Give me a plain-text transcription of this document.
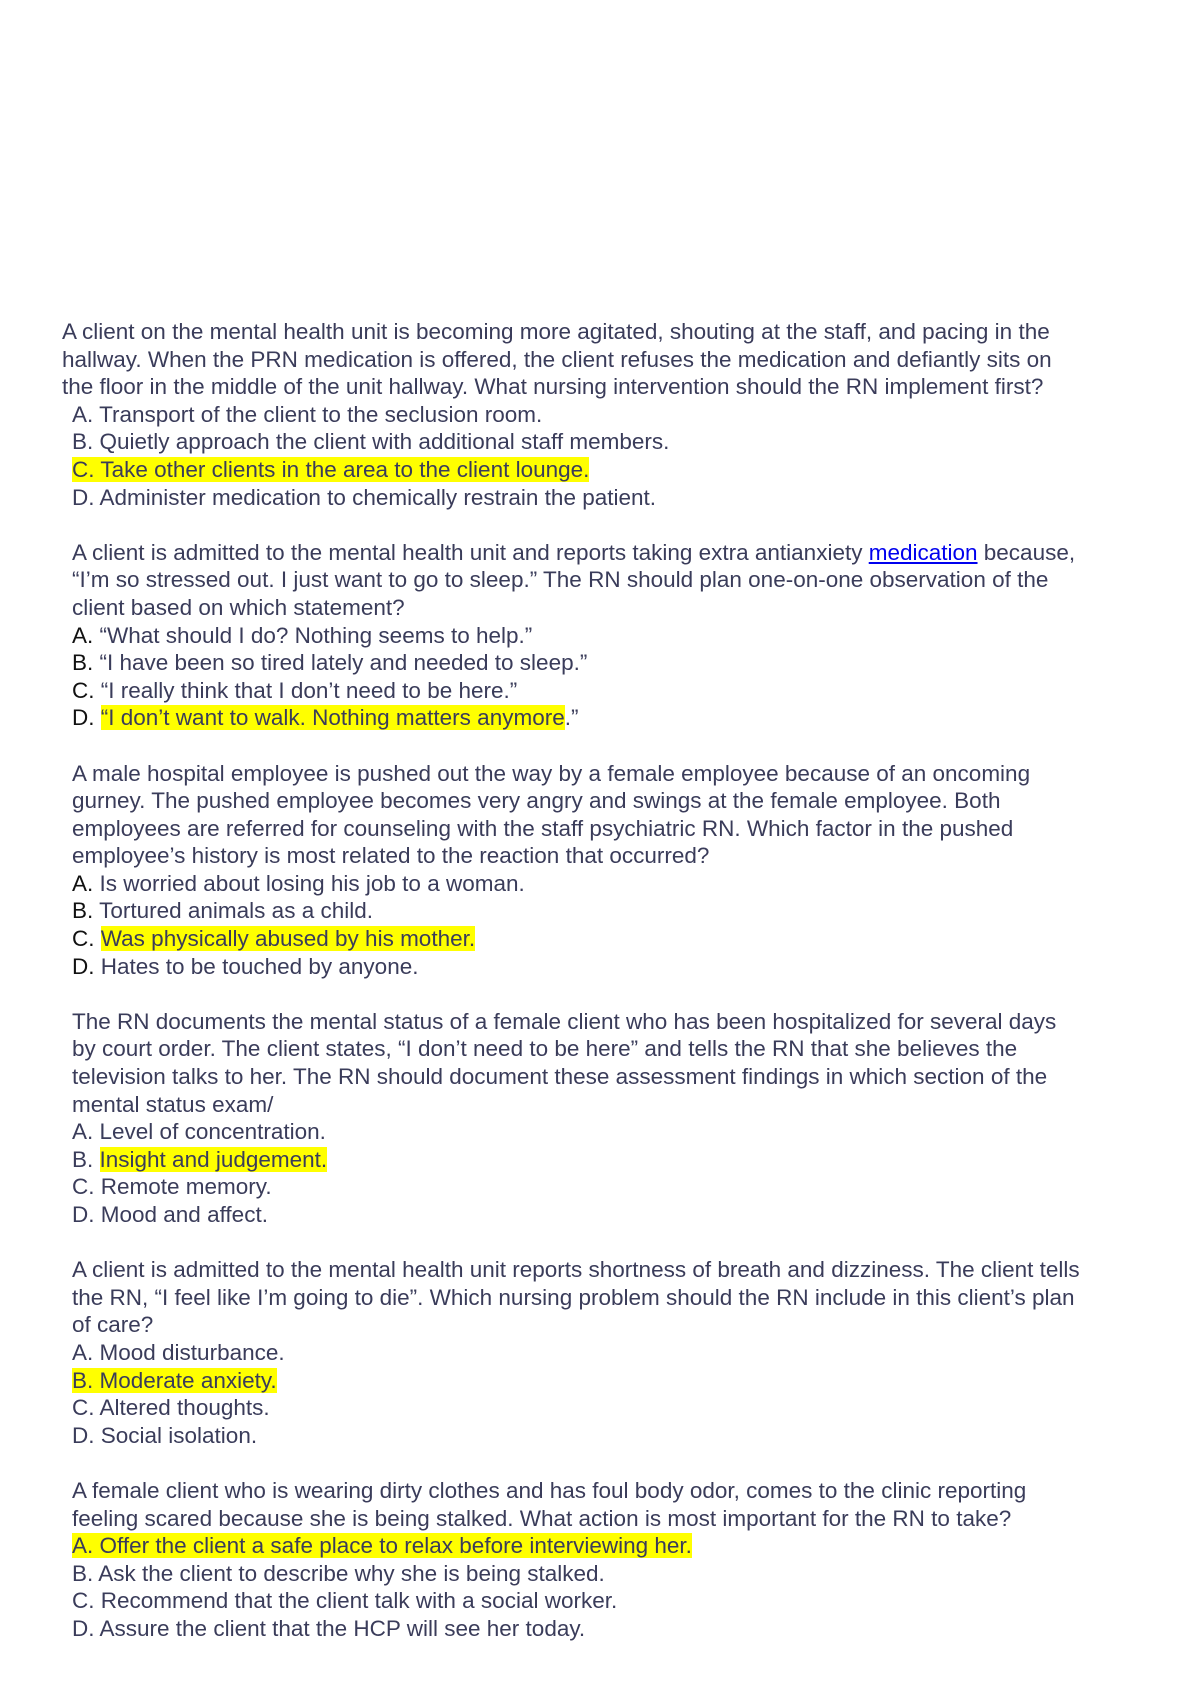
A client on the mental health unit is becoming more agitated, shouting at the staff, and pacing in the
hallway. When the PRN medication is offered, the client refuses the medication and defiantly sits on
the floor in the middle of the unit hallway. What nursing intervention should the RN implement first?
A. Transport of the client to the seclusion room.
B. Quietly approach the client with additional staff members.
C. Take other clients in the area to the client lounge.
D. Administer medication to chemically restrain the patient.
A client is admitted to the mental health unit and reports taking extra antianxiety medication because,
“I’m so stressed out. I just want to go to sleep.” The RN should plan one-on-one observation of the
client based on which statement?
A. “What should I do? Nothing seems to help.”
B. “I have been so tired lately and needed to sleep.”
C. “I really think that I don’t need to be here.”
D. “I don’t want to walk. Nothing matters anymore.”
A male hospital employee is pushed out the way by a female employee because of an oncoming
gurney. The pushed employee becomes very angry and swings at the female employee. Both
employees are referred for counseling with the staff psychiatric RN. Which factor in the pushed
employee’s history is most related to the reaction that occurred?
A. Is worried about losing his job to a woman.
B. Tortured animals as a child.
C. Was physically abused by his mother.
D. Hates to be touched by anyone.
The RN documents the mental status of a female client who has been hospitalized for several days
by court order. The client states, “I don’t need to be here” and tells the RN that she believes the
television talks to her. The RN should document these assessment findings in which section of the
mental status exam/
A. Level of concentration.
B. Insight and judgement.
C. Remote memory.
D. Mood and affect.
A client is admitted to the mental health unit reports shortness of breath and dizziness. The client tells
the RN, “I feel like I’m going to die”. Which nursing problem should the RN include in this client’s plan
of care?
A. Mood disturbance.
B. Moderate anxiety.
C. Altered thoughts.
D. Social isolation.
A female client who is wearing dirty clothes and has foul body odor, comes to the clinic reporting
feeling scared because she is being stalked. What action is most important for the RN to take?
A. Offer the client a safe place to relax before interviewing her.
B. Ask the client to describe why she is being stalked.
C. Recommend that the client talk with a social worker.
D. Assure the client that the HCP will see her today.
